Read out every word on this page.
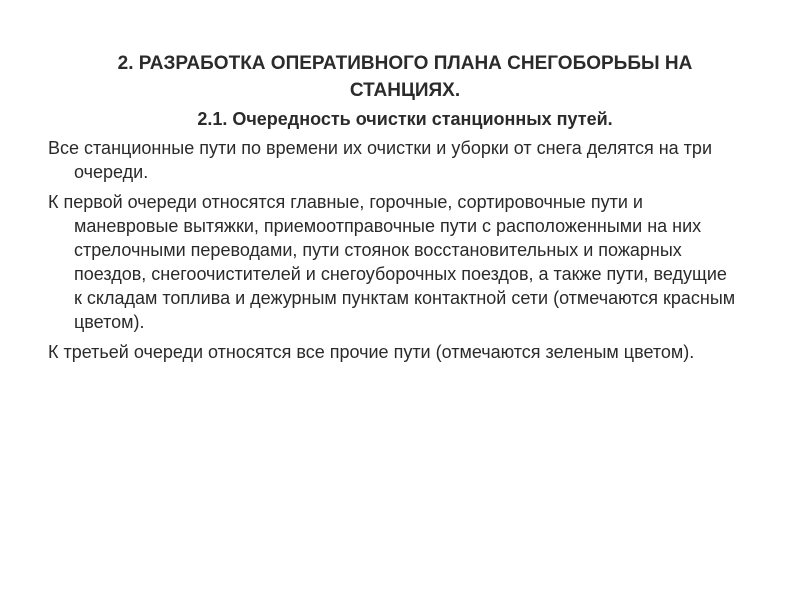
2. РАЗРАБОТКА ОПЕРАТИВНОГО ПЛАНА СНЕГОБОРЬБЫ НА СТАНЦИЯХ.
2.1. Очередность очистки станционных путей.

Все станционные пути по времени их очистки и уборки от снега делятся на три очереди.

К первой очереди относятся главные, горочные, сортировочные пути и маневровые вытяжки, приемоотправочные пути с расположенными на них стрелочными переводами, пути стоянок восстановительных и пожарных поездов, снегоочистителей и снегоуборочных поездов, а также пути, ведущие к складам топлива и дежурным пунктам контактной сети (отмечаются красным цветом).

К третьей очереди относятся все прочие пути (отмечаются зеленым цветом).
